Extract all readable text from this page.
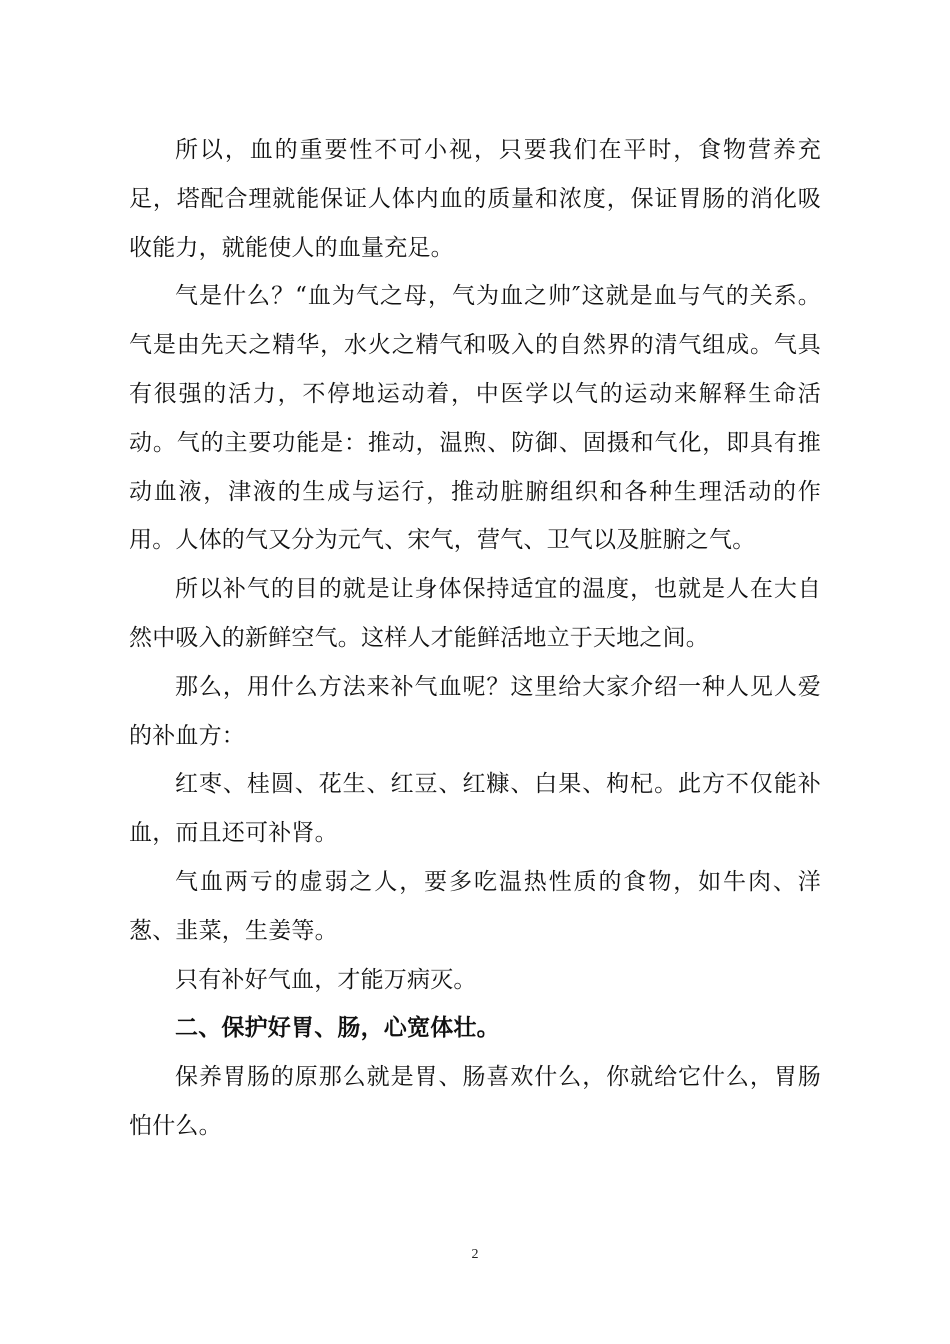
所以，血的重要性不可小视，只要我们在平时，食物营养充足，塔配合理就能保证人体内血的质量和浓度，保证胃肠的消化吸收能力，就能使人的血量充足。

气是什么？“血为气之母，气为血之帅″这就是血与气的关系。气是由先天之精华，水火之精气和吸入的自然界的清气组成。气具有很强的活力，不停地运动着，中医学以气的运动来解释生命活动。气的主要功能是：推动，温煦、防御、固摄和气化，即具有推动血液，津液的生成与运行，推动脏腑组织和各种生理活动的作用。人体的气又分为元气、宋气，营气、卫气以及脏腑之气。

所以补气的目的就是让身体保持适宜的温度，也就是人在大自然中吸入的新鲜空气。这样人才能鲜活地立于天地之间。

那么，用什么方法来补气血呢？这里给大家介绍一种人见人爱的补血方：

红枣、桂圆、花生、红豆、红糠、白果、枸杞。此方不仅能补血，而且还可补肾。

气血两亏的虚弱之人，要多吃温热性质的食物，如牛肉、洋葱、韭菜，生姜等。

只有补好气血，才能万病灭。

二、保护好胃、肠，心宽体壮。

保养胃肠的原那么就是胃、肠喜欢什么，你就给它什么，胃肠怕什么。

2
